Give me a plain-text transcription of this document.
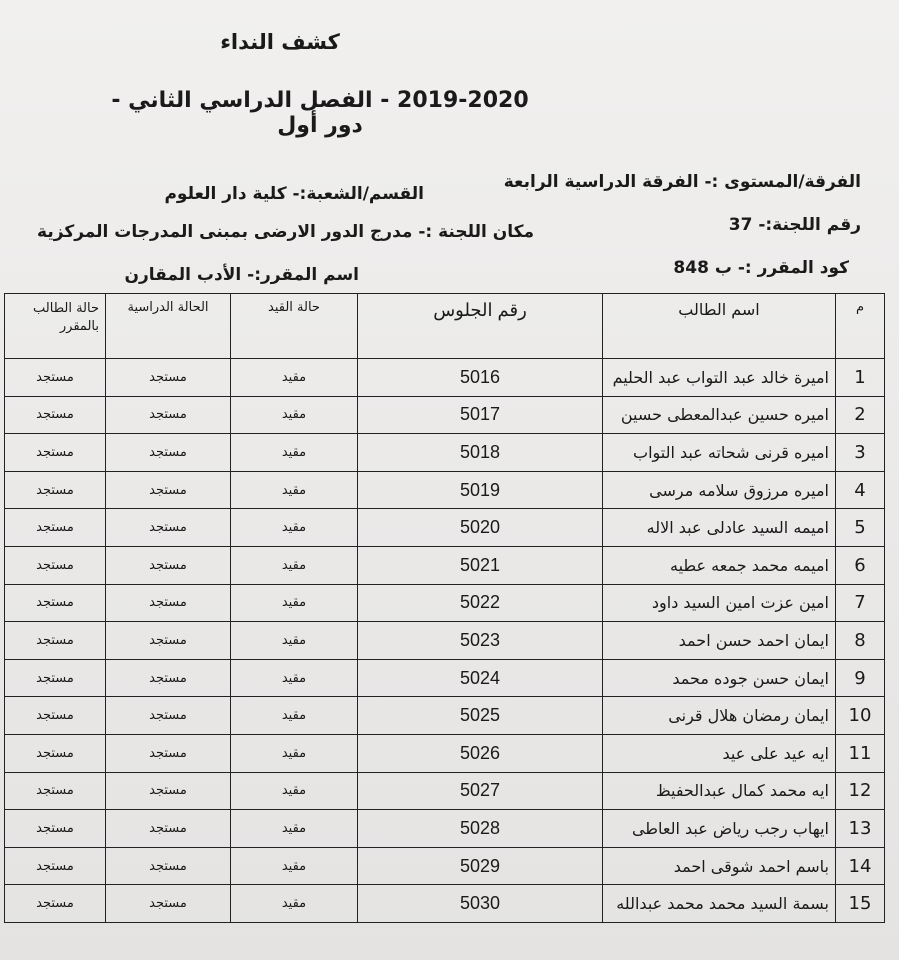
كشف النداء
2019-2020 - الفصل الدراسي الثاني - دور أول
الفرقة/المستوى :- الفرقة الدراسية الرابعة
القسم/الشعبة:- كلية دار العلوم
رقم اللجنة:- 37
مكان اللجنة :- مدرج الدور الارضى بمبنى المدرجات المركزية
كود المقرر :- ب 848
اسم المقرر:- الأدب المقارن
م	اسم الطالب	رقم الجلوس	حالة القيد	الحالة الدراسية	حالة الطالب بالمقرر
1	اميرة خالد عبد التواب عبد الحليم	5016	مقيد	مستجد	مستجد
2	اميره حسين عبدالمعطى حسين	5017	مقيد	مستجد	مستجد
3	اميره قرنى شحاته عبد التواب	5018	مقيد	مستجد	مستجد
4	اميره مرزوق سلامه مرسى	5019	مقيد	مستجد	مستجد
5	اميمه السيد عادلى عبد الاله	5020	مقيد	مستجد	مستجد
6	اميمه محمد جمعه عطيه	5021	مقيد	مستجد	مستجد
7	امين عزت امين السيد داود	5022	مقيد	مستجد	مستجد
8	ايمان احمد حسن احمد	5023	مقيد	مستجد	مستجد
9	ايمان حسن جوده محمد	5024	مقيد	مستجد	مستجد
10	ايمان رمضان هلال قرنى	5025	مقيد	مستجد	مستجد
11	ايه عيد على عيد	5026	مقيد	مستجد	مستجد
12	ايه محمد كمال عبدالحفيظ	5027	مقيد	مستجد	مستجد
13	ايهاب رجب رياض عبد العاطى	5028	مقيد	مستجد	مستجد
14	باسم احمد شوقى احمد	5029	مقيد	مستجد	مستجد
15	بسمة السيد محمد محمد عبدالله	5030	مقيد	مستجد	مستجد
